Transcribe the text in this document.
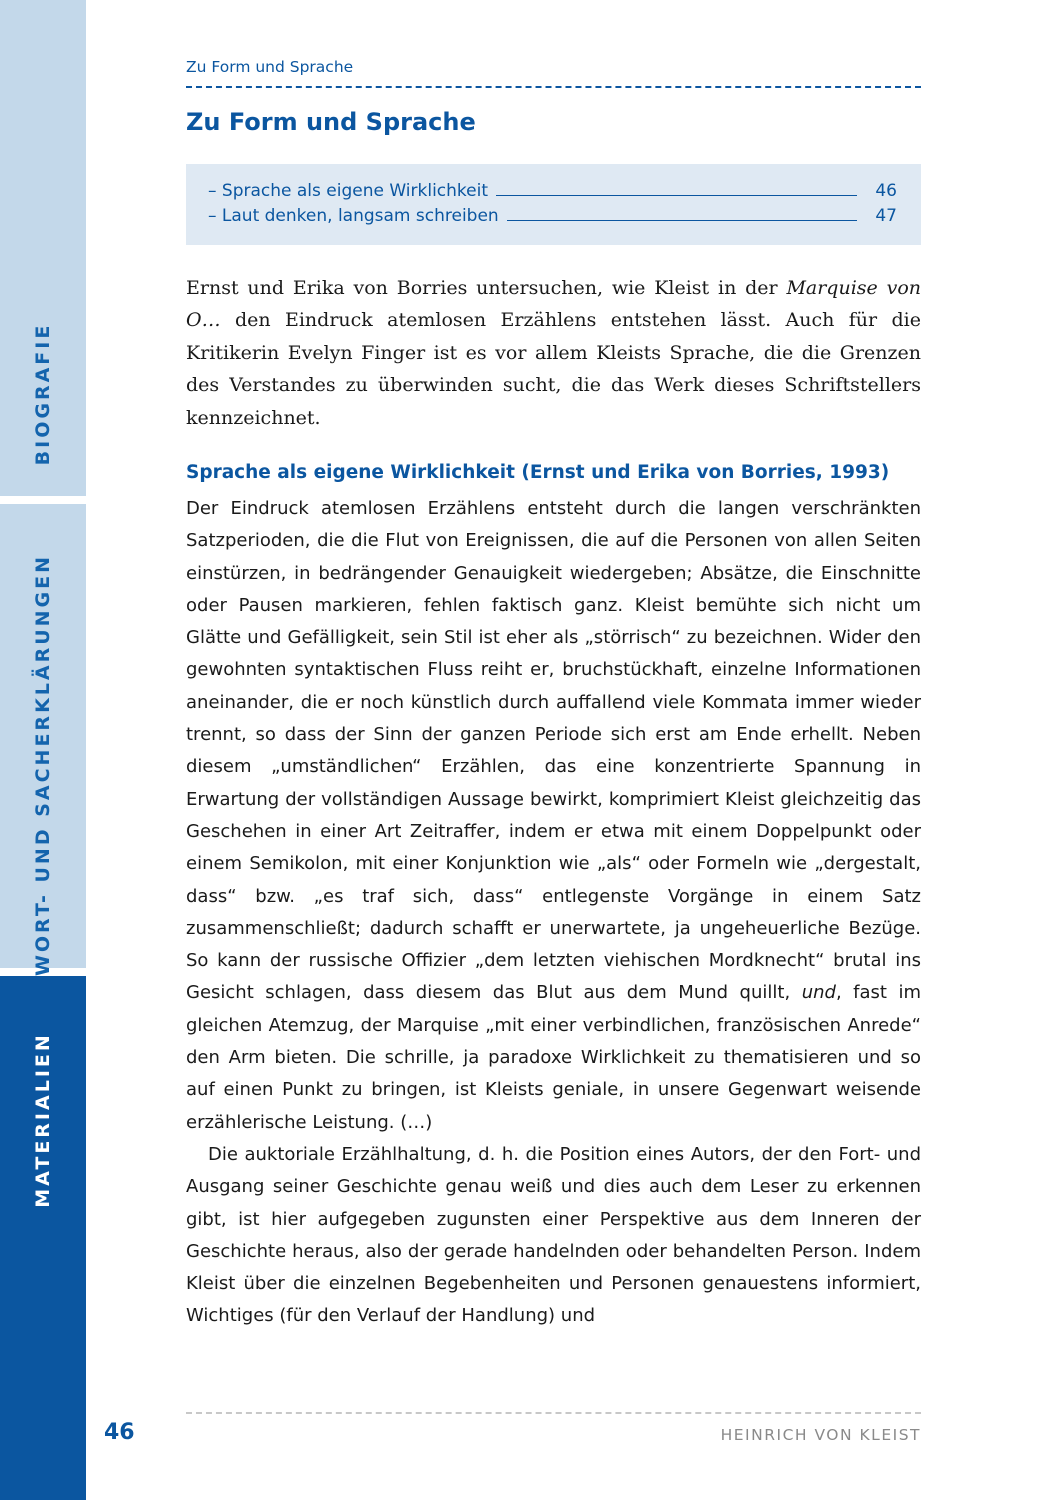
BIOGRAFIE
WORT- UND SACHERKLÄRUNGEN
MATERIALIEN
Zu Form und Sprache
Zu Form und Sprache
– Sprache als eigene Wirklichkeit	46
– Laut denken, langsam schreiben	47

Ernst und Erika von Borries untersuchen, wie Kleist in der Marquise von O… den Eindruck atemlosen Erzählens entstehen lässt. Auch für die Kritikerin Evelyn Finger ist es vor allem Kleists Sprache, die die Grenzen des Verstandes zu überwinden sucht, die das Werk dieses Schriftstellers kennzeichnet.

Sprache als eigene Wirklichkeit (Ernst und Erika von Borries, 1993)

Der Eindruck atemlosen Erzählens entsteht durch die langen verschränkten Satzperioden, die die Flut von Ereignissen, die auf die Personen von allen Seiten einstürzen, in bedrängender Genauigkeit wiedergeben; Absätze, die Einschnitte oder Pausen markieren, fehlen faktisch ganz. Kleist bemühte sich nicht um Glätte und Gefälligkeit, sein Stil ist eher als „störrisch“ zu bezeichnen. Wider den gewohnten syntaktischen Fluss reiht er, bruchstückhaft, einzelne Informationen aneinander, die er noch künstlich durch auffallend viele Kommata immer wieder trennt, so dass der Sinn der ganzen Periode sich erst am Ende erhellt. Neben diesem „umständlichen“ Erzählen, das eine konzentrierte Spannung in Erwartung der vollständigen Aussage bewirkt, komprimiert Kleist gleichzeitig das Geschehen in einer Art Zeitraffer, indem er etwa mit einem Doppelpunkt oder einem Semikolon, mit einer Konjunktion wie „als“ oder Formeln wie „dergestalt, dass“ bzw. „es traf sich, dass“ entlegenste Vorgänge in einem Satz zusammenschließt; dadurch schafft er unerwartete, ja ungeheuerliche Bezüge. So kann der russische Offizier „dem letzten viehischen Mordknecht“ brutal ins Gesicht schlagen, dass diesem das Blut aus dem Mund quillt, und, fast im gleichen Atemzug, der Marquise „mit einer verbindlichen, französischen Anrede“ den Arm bieten. Die schrille, ja paradoxe Wirklichkeit zu thematisieren und so auf einen Punkt zu bringen, ist Kleists geniale, in unsere Gegenwart weisende erzählerische Leistung. (…)

Die auktoriale Erzählhaltung, d. h. die Position eines Autors, der den Fort- und Ausgang seiner Geschichte genau weiß und dies auch dem Leser zu erkennen gibt, ist hier aufgegeben zugunsten einer Perspektive aus dem Inneren der Geschichte heraus, also der gerade handelnden oder behandelten Person. Indem Kleist über die einzelnen Begebenheiten und Personen genauestens informiert, Wichtiges (für den Verlauf der Handlung) und

46	HEINRICH VON KLEIST
